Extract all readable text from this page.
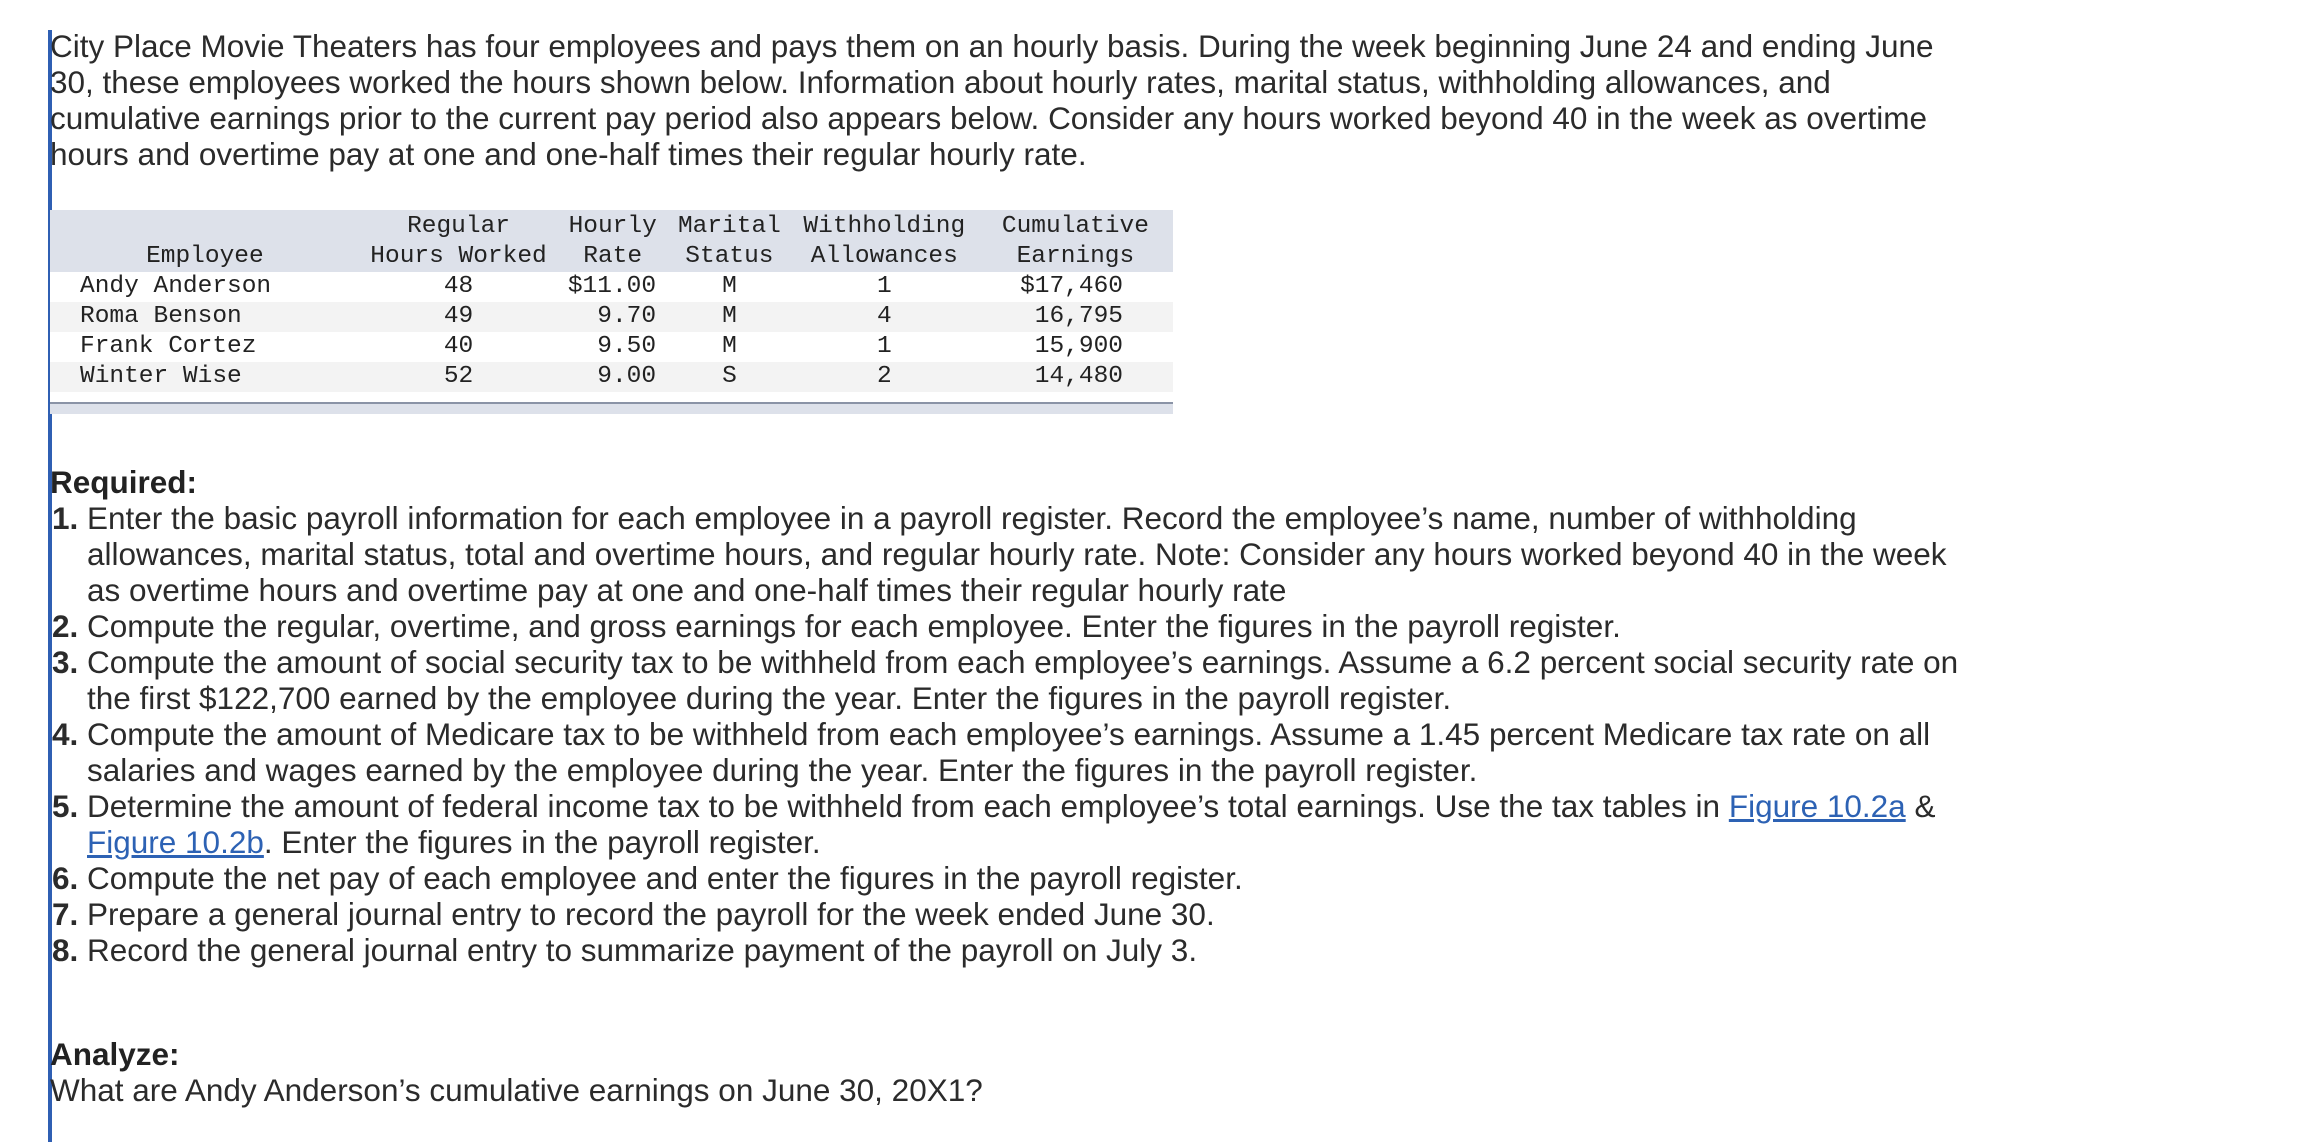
City Place Movie Theaters has four employees and pays them on an hourly basis. During the week beginning June 24 and ending June 30, these employees worked the hours shown below. Information about hourly rates, marital status, withholding allowances, and cumulative earnings prior to the current pay period also appears below. Consider any hours worked beyond 40 in the week as overtime hours and overtime pay at one and one-half times their regular hourly rate.

	Regular	Hourly	Marital	Withholding	Cumulative
Employee	Hours Worked	Rate	Status	Allowances	Earnings
Andy Anderson	48	$11.00	M	1	$17,460
Roma Benson	49	9.70	M	4	16,795
Frank Cortez	40	9.50	M	1	15,900
Winter Wise	52	9.00	S	2	14,480

Required:
1. Enter the basic payroll information for each employee in a payroll register. Record the employee’s name, number of withholding allowances, marital status, total and overtime hours, and regular hourly rate. Note: Consider any hours worked beyond 40 in the week as overtime hours and overtime pay at one and one-half times their regular hourly rate
2. Compute the regular, overtime, and gross earnings for each employee. Enter the figures in the payroll register.
3. Compute the amount of social security tax to be withheld from each employee’s earnings. Assume a 6.2 percent social security rate on the first $122,700 earned by the employee during the year. Enter the figures in the payroll register.
4. Compute the amount of Medicare tax to be withheld from each employee’s earnings. Assume a 1.45 percent Medicare tax rate on all salaries and wages earned by the employee during the year. Enter the figures in the payroll register.
5. Determine the amount of federal income tax to be withheld from each employee’s total earnings. Use the tax tables in Figure 10.2a & Figure 10.2b. Enter the figures in the payroll register.
6. Compute the net pay of each employee and enter the figures in the payroll register.
7. Prepare a general journal entry to record the payroll for the week ended June 30.
8. Record the general journal entry to summarize payment of the payroll on July 3.
Analyze:

What are Andy Anderson’s cumulative earnings on June 30, 20X1?
